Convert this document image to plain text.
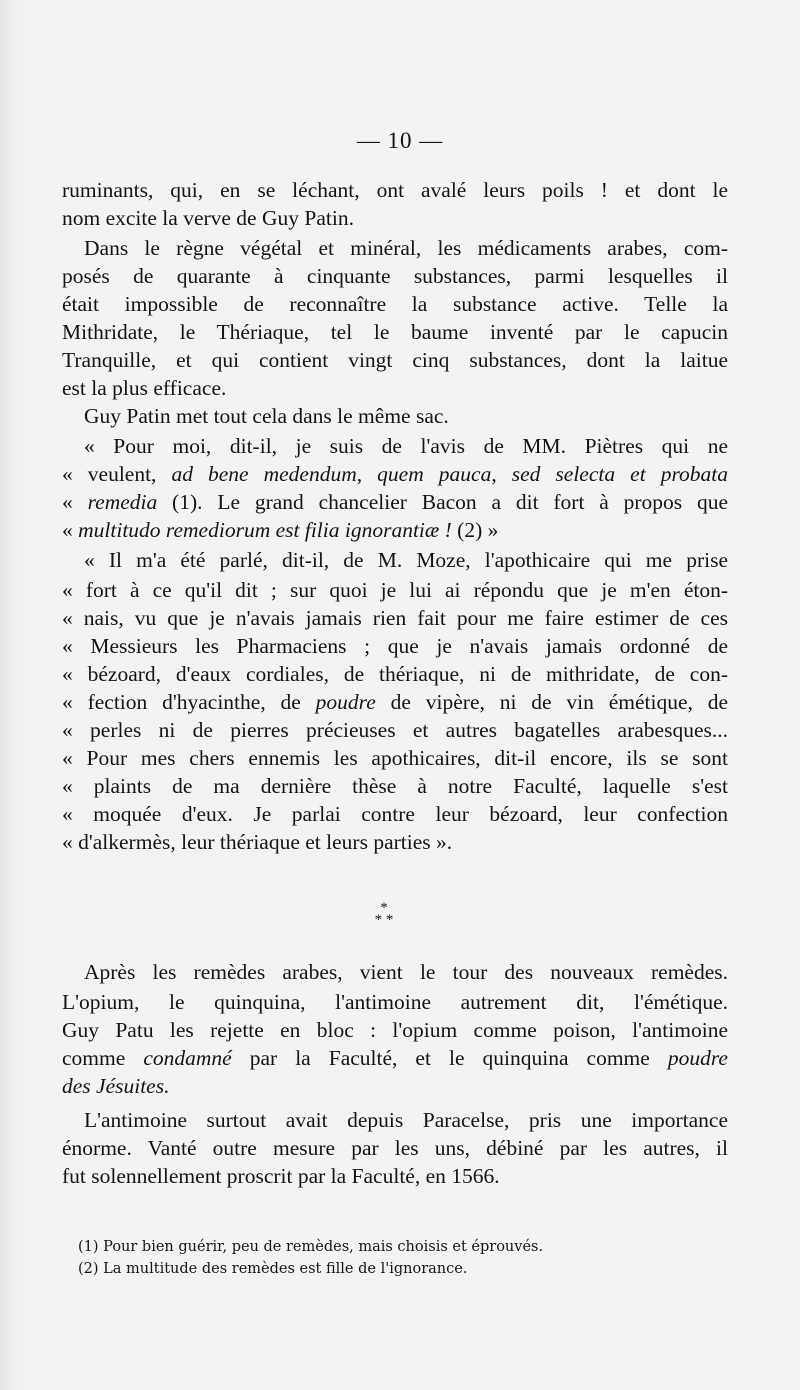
— 10 —
ruminants, qui, en se léchant, ont avalé leurs poils ! et dont le
nom excite la verve de Guy Patin.
Dans le règne végétal et minéral, les médicaments arabes, com-
posés de quarante à cinquante substances, parmi lesquelles il
était impossible de reconnaître la substance active. Telle la
Mithridate, le Thériaque, tel le baume inventé par le capucin
Tranquille, et qui contient vingt cinq substances, dont la laitue
est la plus efficace.
Guy Patin met tout cela dans le même sac.
« Pour moi, dit-il, je suis de l'avis de MM. Piètres qui ne
« veulent, ad bene medendum, quem pauca, sed selecta et probata
« remedia (1). Le grand chancelier Bacon a dit fort à propos que
« multitudo remediorum est filia ignorantiæ ! (2) »
« Il m'a été parlé, dit-il, de M. Moze, l'apothicaire qui me prise
« fort à ce qu'il dit ; sur quoi je lui ai répondu que je m'en éton-
« nais, vu que je n'avais jamais rien fait pour me faire estimer de ces
« Messieurs les Pharmaciens ; que je n'avais jamais ordonné de
« bézoard, d'eaux cordiales, de thériaque, ni de mithridate, de con-
« fection d'hyacinthe, de poudre de vipère, ni de vin émétique, de
« perles ni de pierres précieuses et autres bagatelles arabesques...
« Pour mes chers ennemis les apothicaires, dit-il encore, ils se sont
« plaints de ma dernière thèse à notre Faculté, laquelle s'est
« moquée d'eux. Je parlai contre leur bézoard, leur confection
« d'alkermès, leur thériaque et leurs parties ».
Après les remèdes arabes, vient le tour des nouveaux remèdes.
L'opium, le quinquina, l'antimoine autrement dit, l'émétique.
Guy Patu les rejette en bloc : l'opium comme poison, l'antimoine
comme condamné par la Faculté, et le quinquina comme poudre
des Jésuites.
L'antimoine surtout avait depuis Paracelse, pris une importance
énorme. Vanté outre mesure par les uns, débiné par les autres, il
fut solennellement proscrit par la Faculté, en 1566.
*
* *
(1) Pour bien guérir, peu de remèdes, mais choisis et éprouvés.
(2) La multitude des remèdes est fille de l'ignorance.
